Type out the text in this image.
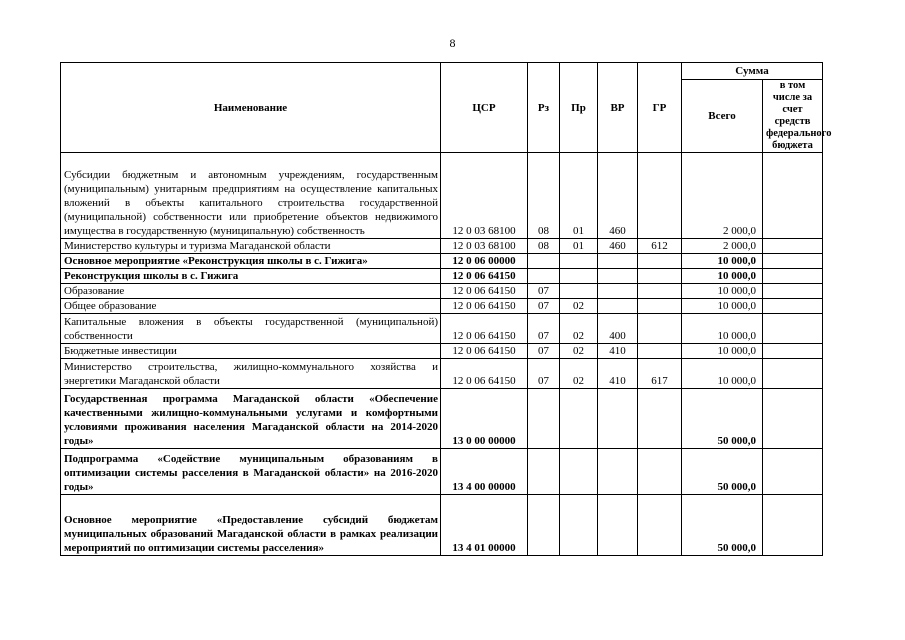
8
Наименование	ЦСР	Рз	Пр	ВР	ГР	Сумма	
						Всего	в том числе за счет средств федерального бюджета
Субсидии бюджетным и автономным учреждениям, государственным (муниципальным) унитарным предприятиям на осуществление капитальных вложений в объекты капитального строительства государственной (муниципальной) собственности или приобретение объектов недвижимого имущества в государственную (муниципальную) собственность	12 0 03 68100	08	01	460		2 000,0	
Министерство культуры и туризма Магаданской области	12 0 03 68100	08	01	460	612	2 000,0	
Основное мероприятие «Реконструкция школы в с. Гижига»	12 0 06 00000					10 000,0	
Реконструкция школы в с. Гижига	12 0 06 64150					10 000,0	
Образование	12 0 06 64150	07				10 000,0	
Общее образование	12 0 06 64150	07	02			10 000,0	
Капитальные вложения в объекты государственной (муниципальной) собственности	12 0 06 64150	07	02	400		10 000,0	
Бюджетные инвестиции	12 0 06 64150	07	02	410		10 000,0	
Министерство строительства, жилищно-коммунального хозяйства и энергетики Магаданской области	12 0 06 64150	07	02	410	617	10 000,0	
Государственная программа Магаданской области «Обеспечение качественными жилищно-коммунальными услугами и комфортными условиями проживания населения Магаданской области на 2014-2020 годы»	13 0 00 00000					50 000,0	
Подпрограмма «Содействие муниципальным образованиям в оптимизации системы расселения в Магаданской области» на 2016-2020 годы»	13 4 00 00000					50 000,0	
Основное мероприятие «Предоставление субсидий бюджетам муниципальных образований Магаданской области в рамках реализации мероприятий по оптимизации системы расселения»	13 4 01 00000					50 000,0	
